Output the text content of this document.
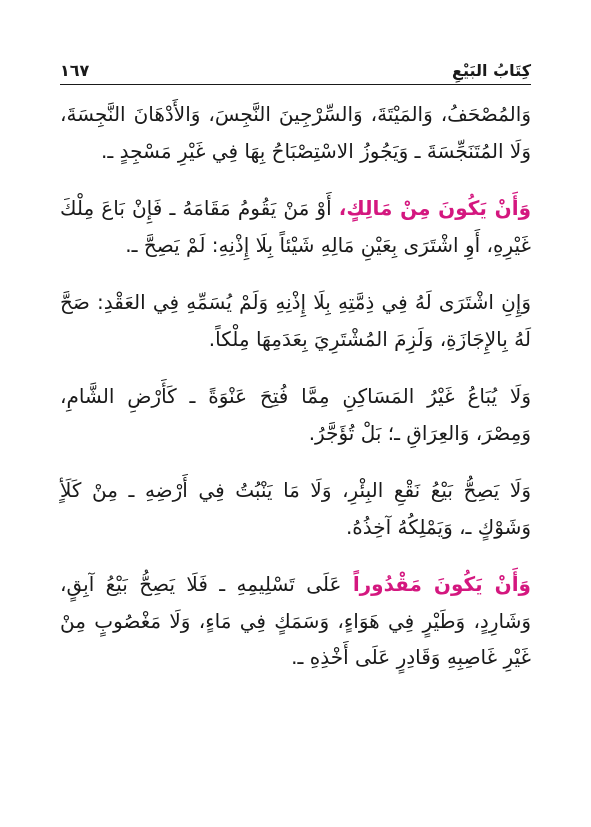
كِتَابُ البَيْعِ
١٦٧

وَالمُصْحَفُ، وَالمَيْتَةَ، وَالسِّرْجِينَ النَّجِسَ، وَالأَدْهَانَ النَّجِسَةَ، وَلَا المُتَنَجِّسَةَ ـ وَيَجُوزُ الاسْتِصْبَاحُ بِهَا فِي غَيْرِ مَسْجِدٍ ـ.

وَأَنْ يَكُونَ مِنْ مَالِكٍ، أَوْ مَنْ يَقُومُ مَقَامَهُ ـ فَإِنْ بَاعَ مِلْكَ غَيْرِهِ، أَوِ اشْتَرَى بِعَيْنِ مَالِهِ شَيْئاً بِلَا إِذْنِهِ: لَمْ يَصِحَّ ـ.

وَإِنِ اشْتَرَى لَهُ فِي ذِمَّتِهِ بِلَا إِذْنِهِ وَلَمْ يُسَمِّهِ فِي العَقْدِ: صَحَّ لَهُ بِالإِجَازَةِ، وَلَزِمَ المُشْتَرِيَ بِعَدَمِهَا مِلْكاً.

وَلَا يُبَاعُ غَيْرُ المَسَاكِنِ مِمَّا فُتِحَ عَنْوَةً ـ كَأَرْضِ الشَّامِ، وَمِصْرَ، وَالعِرَاقِ ـ؛ بَلْ تُؤَجَّرُ.

وَلَا يَصِحُّ بَيْعُ نَقْعِ البِئْرِ، وَلَا مَا يَنْبُتُ فِي أَرْضِهِ ـ مِنْ كَلَأٍ وَشَوْكٍ ـ، وَيَمْلِكُهُ آخِذُهُ.

وَأَنْ يَكُونَ مَقْدُوراً عَلَى تَسْلِيمِهِ ـ فَلَا يَصِحُّ بَيْعُ آبِقٍ، وَشَارِدٍ، وَطَيْرٍ فِي هَوَاءٍ، وَسَمَكٍ فِي مَاءٍ، وَلَا مَغْصُوبٍ مِنْ غَيْرِ غَاصِبِهِ وَقَادِرٍ عَلَى أَخْذِهِ ـ.
